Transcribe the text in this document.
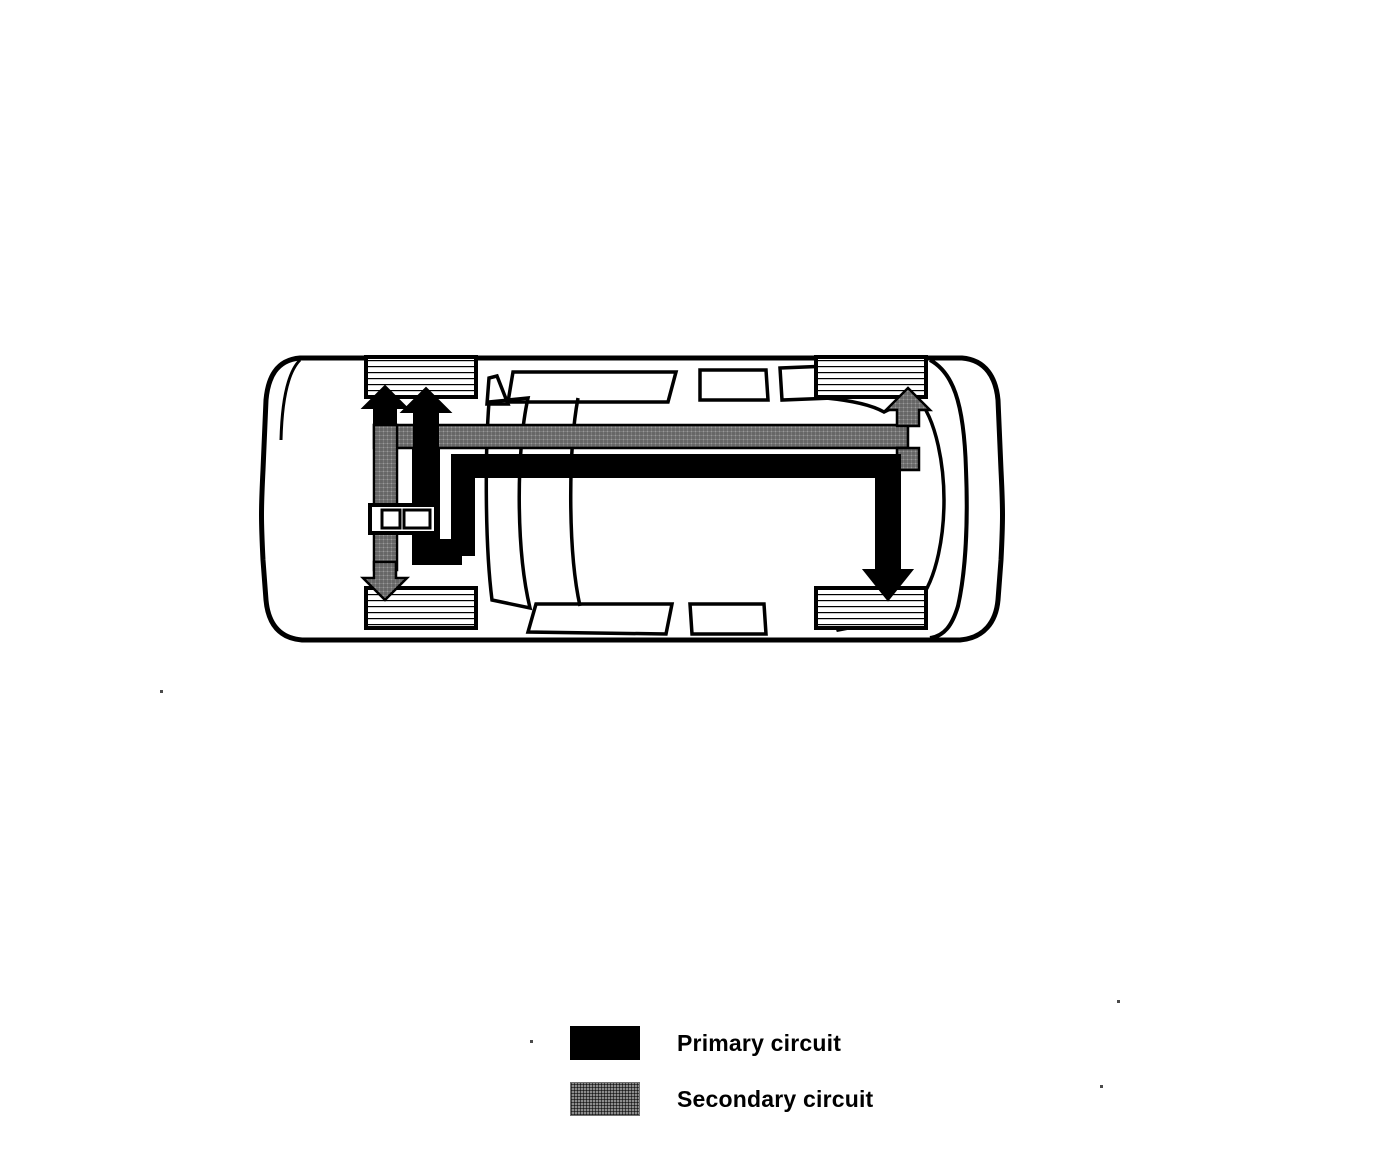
Primary circuit
Secondary circuit
